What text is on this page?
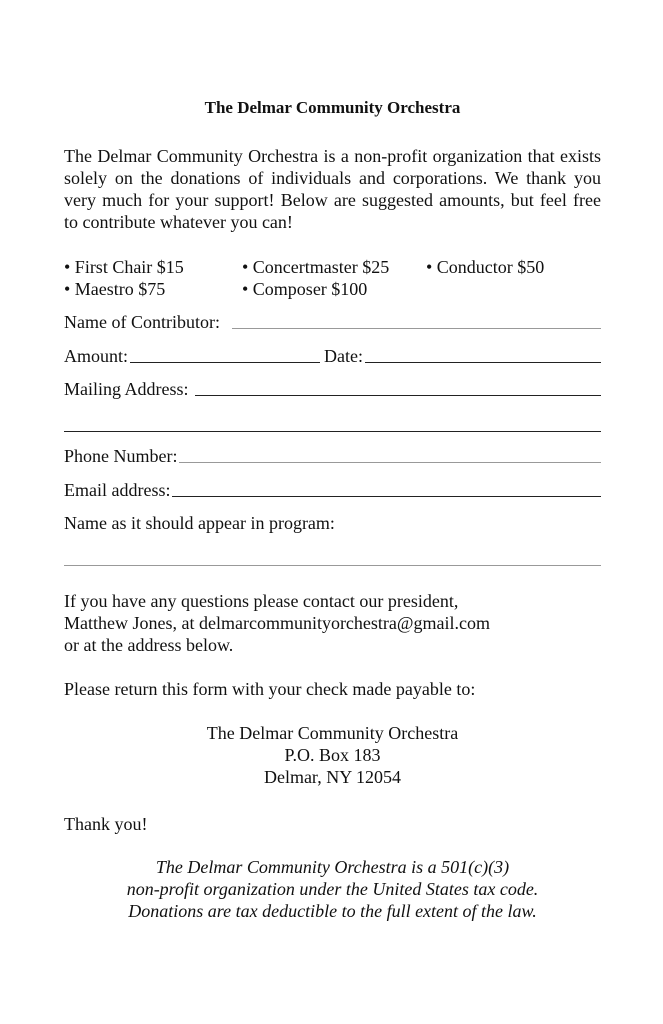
The Delmar Community Orchestra
The Delmar Community Orchestra is a non-profit organization that exists solely on the donations of individuals and corporations. We thank you very much for your support! Below are suggested amounts, but feel free to contribute whatever you can!
• First Chair $15	• Concertmaster $25 • Conductor $50
• Maestro $75	• Composer $100
Name of Contributor:
Amount:	Date:
Mailing Address:
Phone Number:
Email address:
Name as it should appear in program:
If you have any questions please contact our president,
Matthew Jones, at delmarcommunityorchestra@gmail.com
or at the address below.
Please return this form with your check made payable to:
The Delmar Community Orchestra
P.O. Box 183
Delmar, NY 12054
Thank you!
The Delmar Community Orchestra is a 501(c)(3)
non-profit organization under the United States tax code.
Donations are tax deductible to the full extent of the law.
